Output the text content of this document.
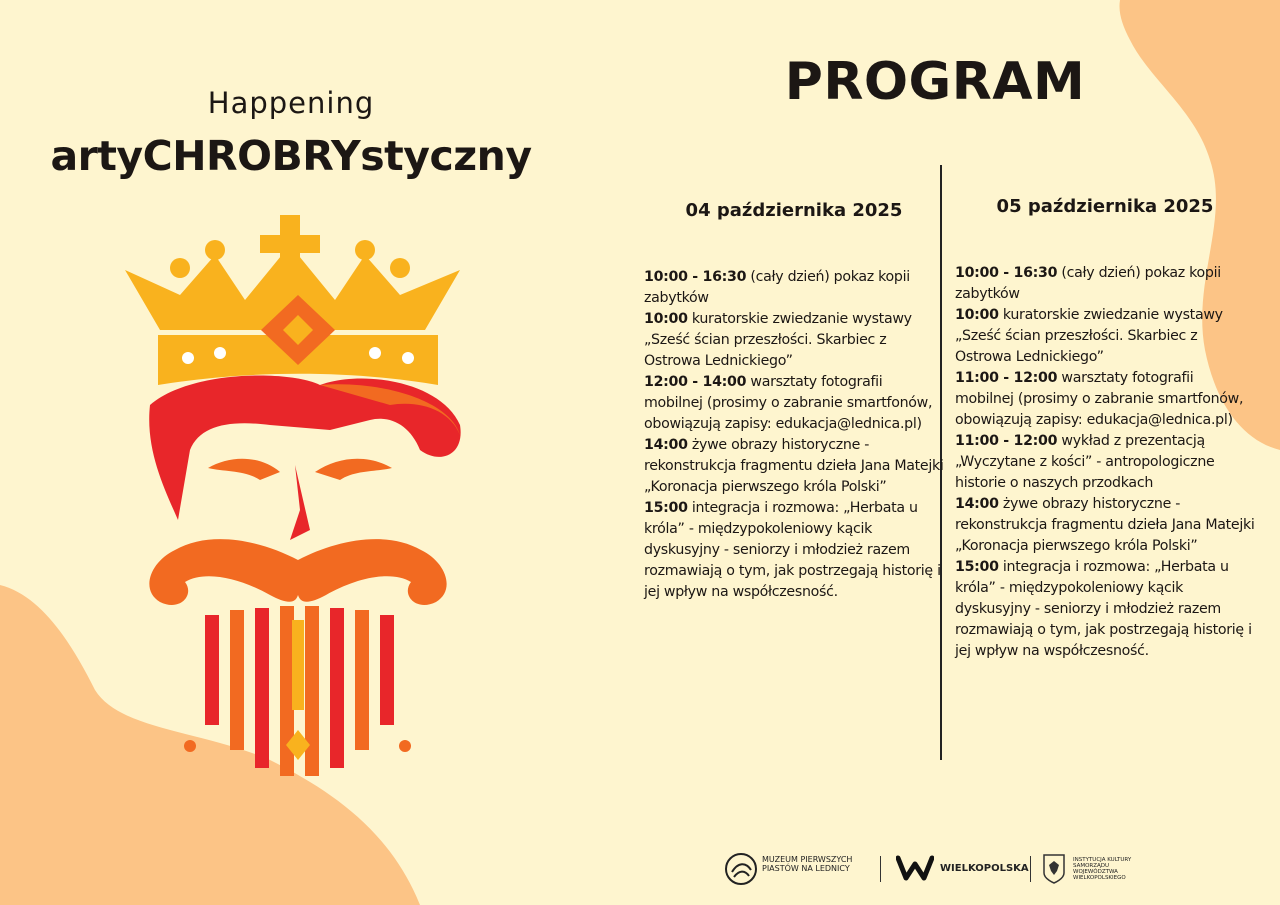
Happening
artyCHROBRYstyczny
PROGRAM
04 października 2025

10:00 - 16:30 (cały dzień) pokaz kopii zabytków

10:00 kuratorskie zwiedzanie wystawy „Sześć ścian przeszłości. Skarbiec z Ostrowa Lednickiego”

12:00 - 14:00 warsztaty fotografii mobilnej (prosimy o zabranie smartfonów, obowiązują zapisy: edukacja@lednica.pl)

14:00 żywe obrazy historyczne - rekonstrukcja fragmentu dzieła Jana Matejki „Koronacja pierwszego króla Polski”

15:00 integracja i rozmowa: „Herbata u króla” - międzypokoleniowy kącik dyskusyjny - seniorzy i młodzież razem rozmawiają o tym, jak postrzegają historię i jej wpływ na współczesność.

05 października 2025

10:00 - 16:30 (cały dzień) pokaz kopii zabytków

10:00 kuratorskie zwiedzanie wystawy „Sześć ścian przeszłości. Skarbiec z Ostrowa Lednickiego”

11:00 - 12:00 warsztaty fotografii mobilnej (prosimy o zabranie smartfonów, obowiązują zapisy: edukacja@lednica.pl)

11:00 - 12:00 wykład z prezentacją „Wyczytane z kości” - antropologiczne historie o naszych przodkach

14:00 żywe obrazy historyczne - rekonstrukcja fragmentu dzieła Jana Matejki „Koronacja pierwszego króla Polski”

15:00 integracja i rozmowa: „Herbata u króla” - międzypokoleniowy kącik dyskusyjny - seniorzy i młodzież razem rozmawiają o tym, jak postrzegają historię i jej wpływ na współczesność.

MUZEUM PIERWSZYCH PIASTÓW NA LEDNICY	WIELKOPOLSKA
INSTYTUCJA KULTURY SAMORZĄDU WOJEWÓDZTWA WIELKOPOLSKIEGO
